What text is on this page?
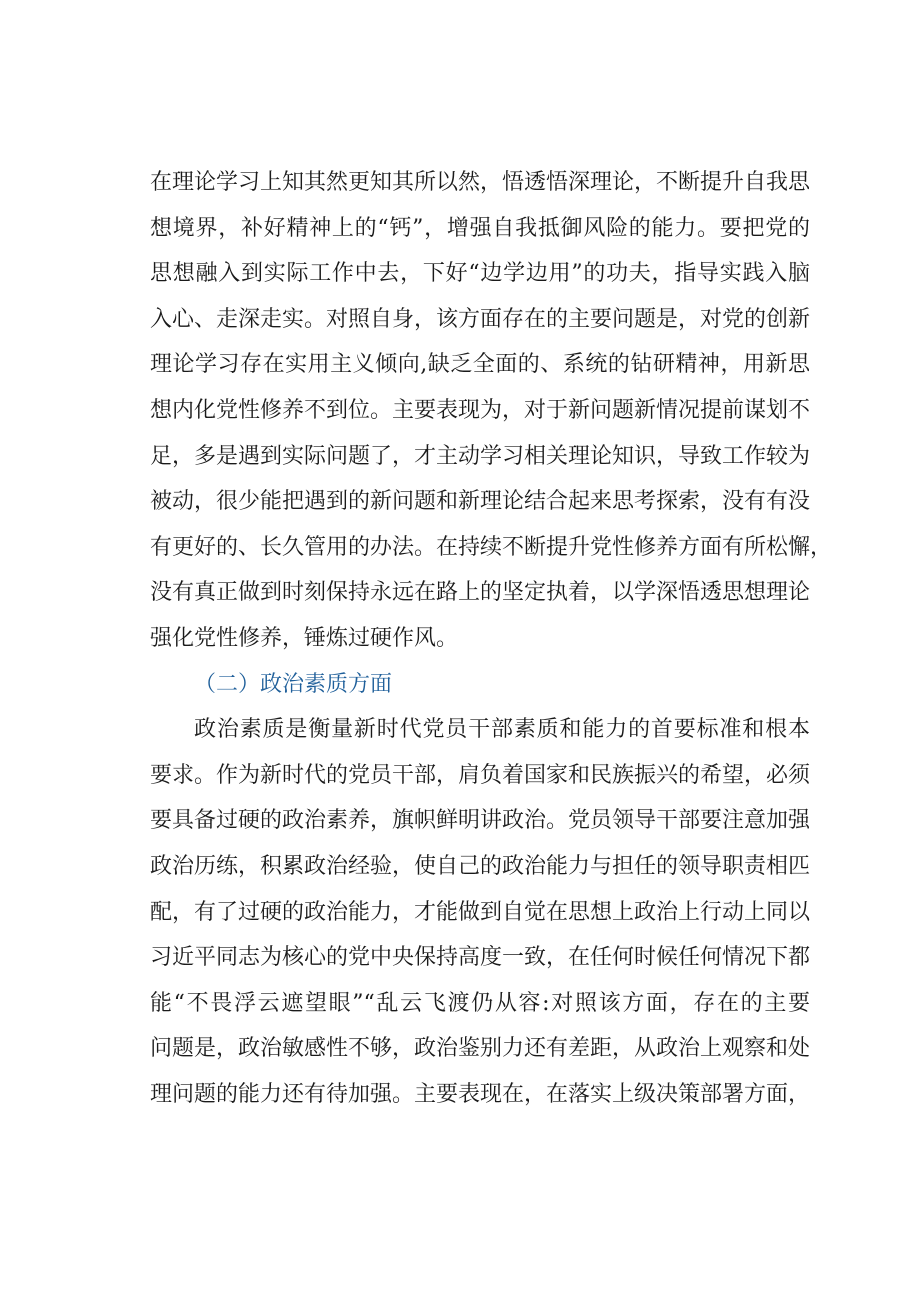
在理论学习上知其然更知其所以然，悟透悟深理论，不断提升自我思
想境界，补好精神上的“钙”，增强自我抵御风险的能力。要把党的
思想融入到实际工作中去，下好“边学边用”的功夫，指导实践入脑
入心、走深走实。对照自身，该方面存在的主要问题是，对党的创新
理论学习存在实用主义倾向,缺乏全面的、系统的钻研精神，用新思
想内化党性修养不到位。主要表现为，对于新问题新情况提前谋划不
足，多是遇到实际问题了，才主动学习相关理论知识，导致工作较为
被动，很少能把遇到的新问题和新理论结合起来思考探索，没有有没
有更好的、长久管用的办法。在持续不断提升党性修养方面有所松懈，
没有真正做到时刻保持永远在路上的坚定执着，以学深悟透思想理论
强化党性修养，锤炼过硬作风。
（二）政治素质方面
政治素质是衡量新时代党员干部素质和能力的首要标准和根本
要求。作为新时代的党员干部，肩负着国家和民族振兴的希望，必须
要具备过硬的政治素养，旗帜鲜明讲政治。党员领导干部要注意加强
政治历练，积累政治经验，使自己的政治能力与担任的领导职责相匹
配，有了过硬的政治能力，才能做到自觉在思想上政治上行动上同以
习近平同志为核心的党中央保持高度一致，在任何时候任何情况下都
能“不畏浮云遮望眼”“乱云飞渡仍从容:对照该方面，存在的主要
问题是，政治敏感性不够，政治鉴别力还有差距，从政治上观察和处
理问题的能力还有待加强。主要表现在，在落实上级决策部署方面，
